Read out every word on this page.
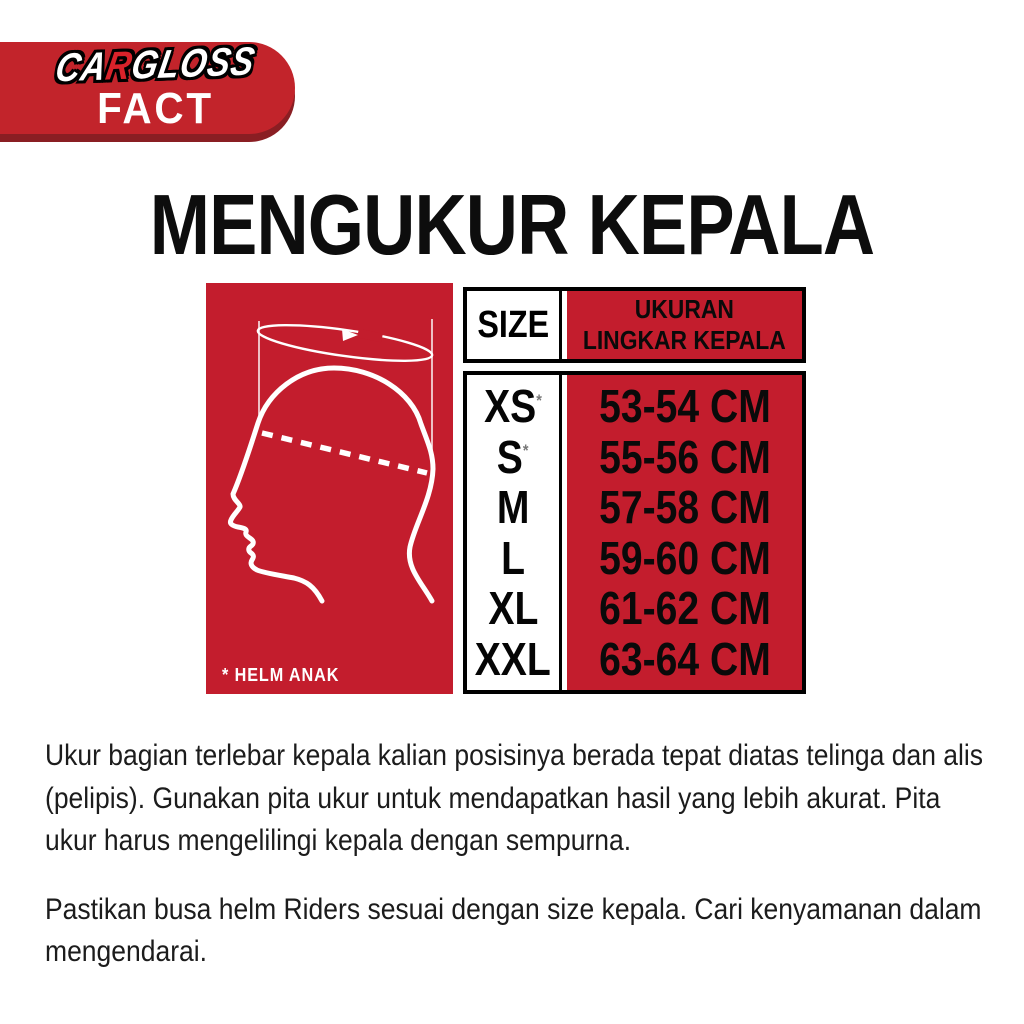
CARGLOSS
FACT
MENGUKUR KEPALA
* HELM ANAK
SIZE	UKURAN
LINGKAR KEPALA
XS*
S*
M
L
XL
XXL
53-54 CM
55-56 CM
57-58 CM
59-60 CM
61-62 CM
63-64 CM

Ukur bagian terlebar kepala kalian posisinya berada tepat diatas telinga dan alis (pelipis). Gunakan pita ukur untuk mendapatkan hasil yang lebih akurat. Pita ukur harus mengelilingi kepala dengan sempurna.

Pastikan busa helm Riders sesuai dengan size kepala. Cari kenyamanan dalam mengendarai.
